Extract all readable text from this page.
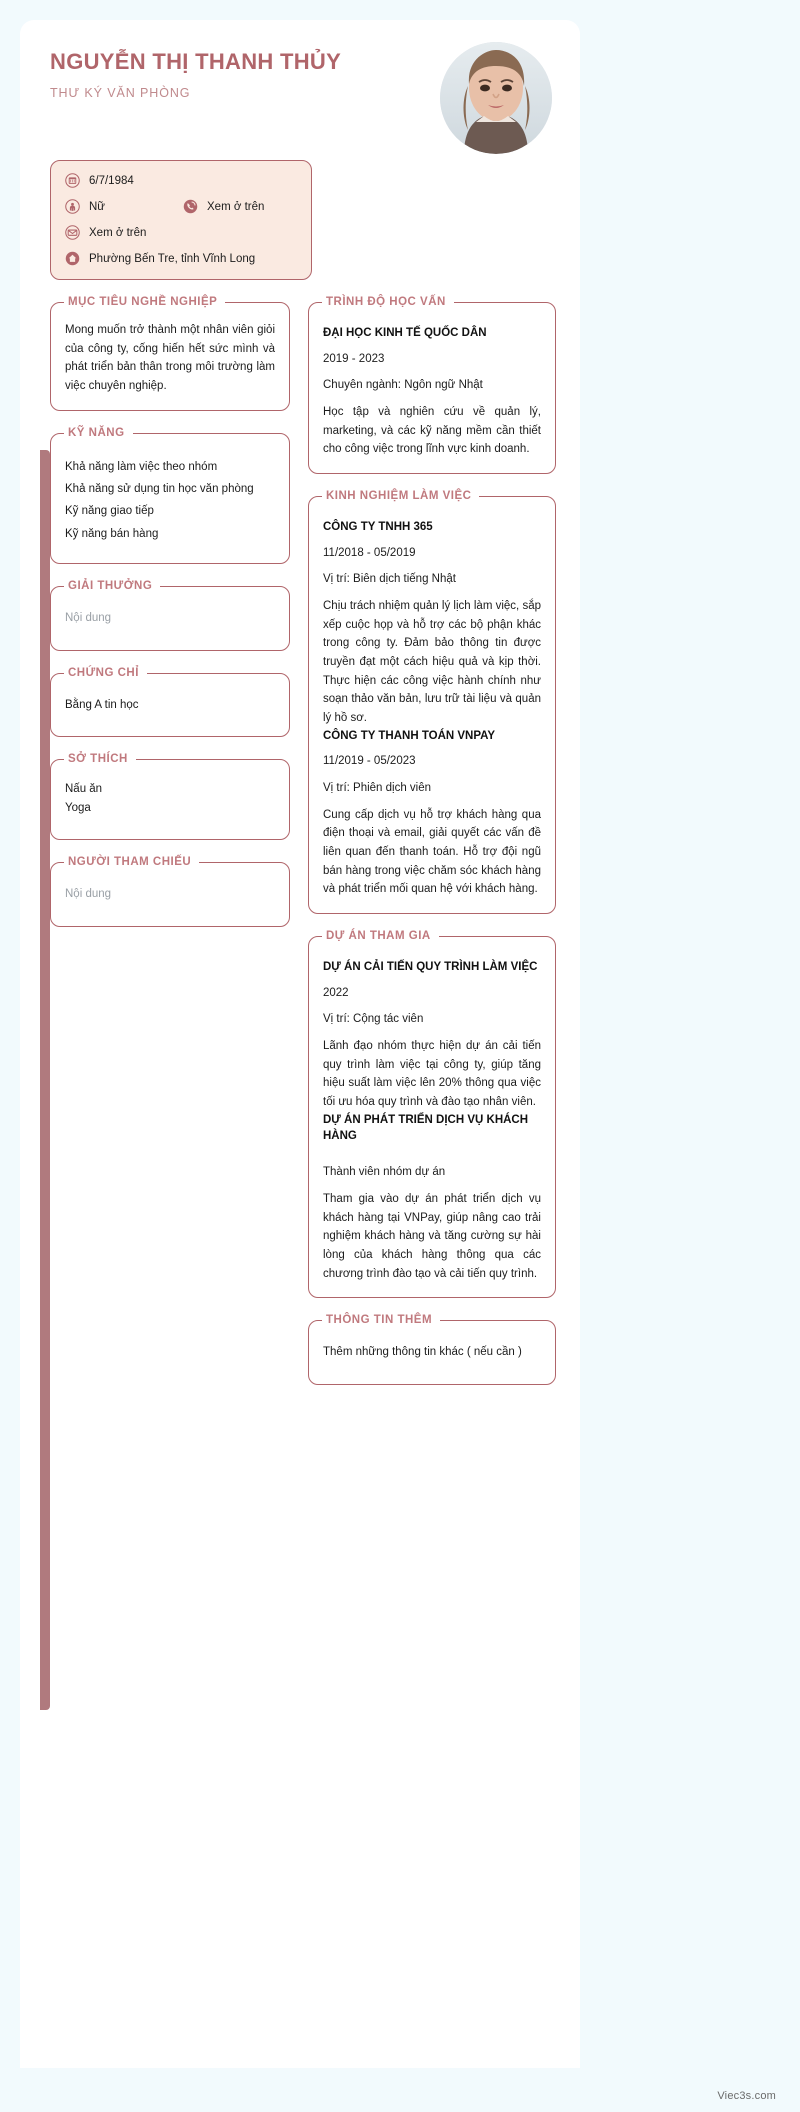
NGUYỄN THỊ THANH THỦY
THƯ KÝ VĂN PHÒNG
6/7/1984
Nữ	Xem ở trên
Xem ở trên
Phường Bến Tre, tỉnh Vĩnh Long
MỤC TIÊU NGHỀ NGHIỆP
Mong muốn trở thành một nhân viên giỏi của công ty, cống hiến hết sức mình và phát triển bản thân trong môi trường làm việc chuyên nghiệp.
KỸ NĂNG
Khả năng làm việc theo nhóm
Khả năng sử dụng tin học văn phòng
Kỹ năng giao tiếp
Kỹ năng bán hàng
GIẢI THƯỞNG
Nội dung
CHỨNG CHỈ
Bằng A tin học
SỞ THÍCH
Nấu ăn
Yoga
NGƯỜI THAM CHIẾU
Nội dung
TRÌNH ĐỘ HỌC VẤN
ĐẠI HỌC KINH TẾ QUỐC DÂN
2019 - 2023
Chuyên ngành: Ngôn ngữ Nhật
Học tập và nghiên cứu về quản lý, marketing, và các kỹ năng mềm cần thiết cho công việc trong lĩnh vực kinh doanh.
KINH NGHIỆM LÀM VIỆC
CÔNG TY TNHH 365
11/2018 - 05/2019
Vị trí: Biên dịch tiếng Nhật
Chịu trách nhiệm quản lý lịch làm việc, sắp xếp cuộc họp và hỗ trợ các bộ phận khác trong công ty. Đảm bảo thông tin được truyền đạt một cách hiệu quả và kịp thời. Thực hiện các công việc hành chính như soạn thảo văn bản, lưu trữ tài liệu và quản lý hồ sơ.
CÔNG TY THANH TOÁN VNPAY
11/2019 - 05/2023
Vị trí: Phiên dịch viên
Cung cấp dịch vụ hỗ trợ khách hàng qua điện thoại và email, giải quyết các vấn đề liên quan đến thanh toán. Hỗ trợ đội ngũ bán hàng trong việc chăm sóc khách hàng và phát triển mối quan hệ với khách hàng.
DỰ ÁN THAM GIA
DỰ ÁN CẢI TIẾN QUY TRÌNH LÀM VIỆC
2022
Vị trí: Cộng tác viên
Lãnh đạo nhóm thực hiện dự án cải tiến quy trình làm việc tại công ty, giúp tăng hiệu suất làm việc lên 20% thông qua việc tối ưu hóa quy trình và đào tạo nhân viên.
DỰ ÁN PHÁT TRIỂN DỊCH VỤ KHÁCH HÀNG
Thành viên nhóm dự án
Tham gia vào dự án phát triển dịch vụ khách hàng tại VNPay, giúp nâng cao trải nghiệm khách hàng và tăng cường sự hài lòng của khách hàng thông qua các chương trình đào tạo và cải tiến quy trình.
THÔNG TIN THÊM
Thêm những thông tin khác ( nếu cần )
Viec3s.com
